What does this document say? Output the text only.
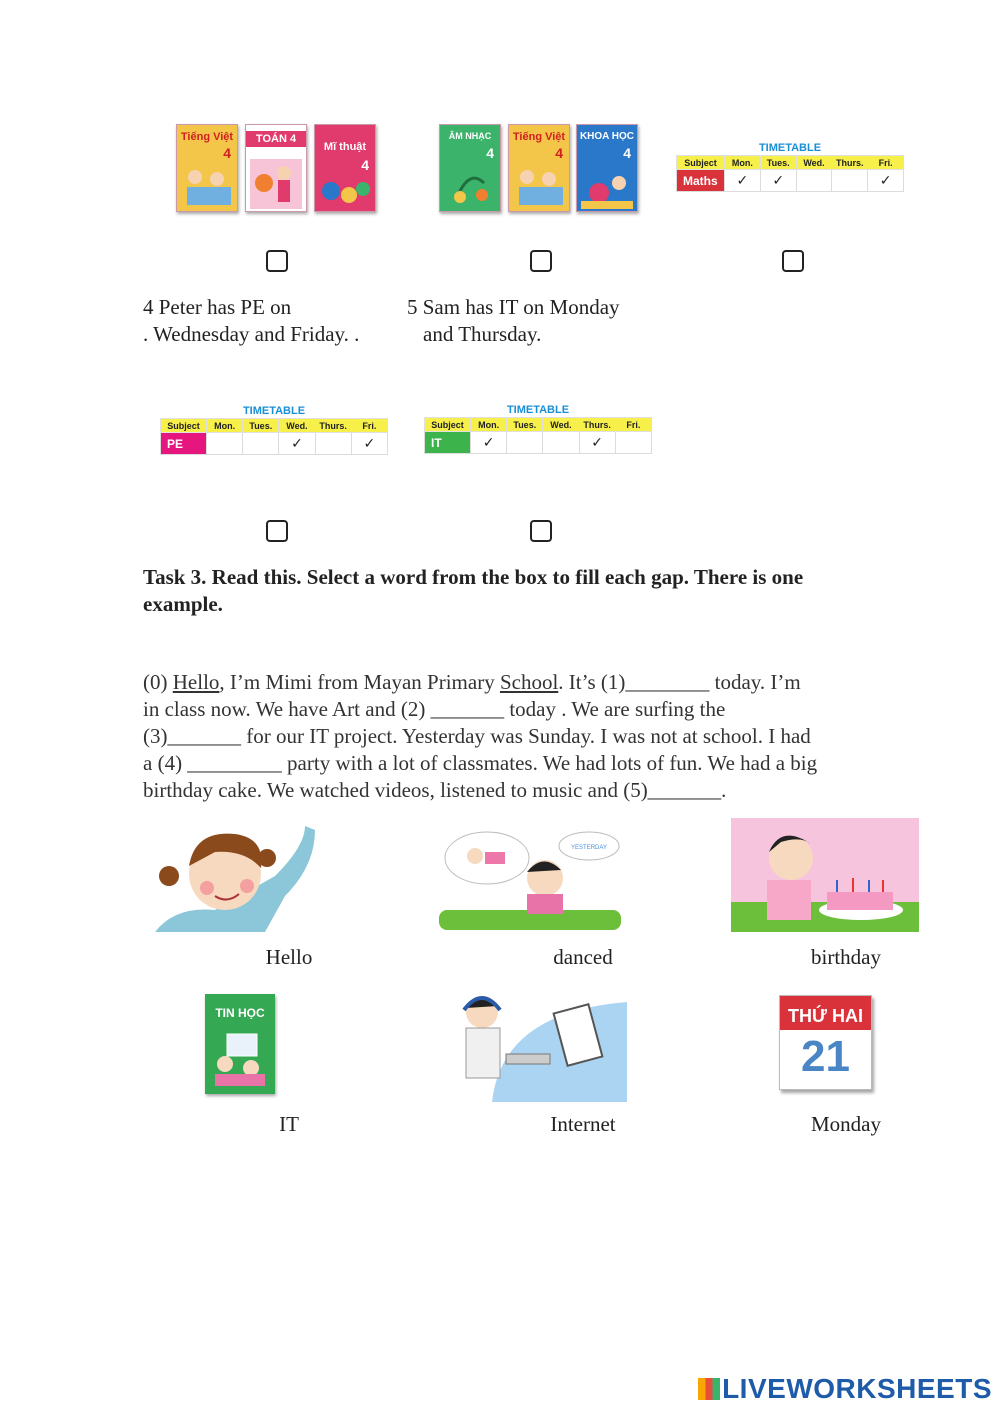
Tiếng Việt
4
TOÁN 4
Mĩ thuật
4
ÂM NHẠC
4
Tiếng Việt
4
KHOA HỌC
4	TIMETABLE
Subject	Mon.	Tues.	Wed.	Thurs.	Fri.
Maths	✓	✓			✓
4 Peter has PE on
. Wednesday and Friday. .
5 Sam has IT on Monday
and Thursday.
TIMETABLE
Subject	Mon.	Tues.	Wed.	Thurs.	Fri.
PE			✓		✓
TIMETABLE
Subject	Mon.	Tues.	Wed.	Thurs.	Fri.
IT	✓			✓	
Task 3. Read this. Select a word from the box to fill each gap. There is one
example.
(0) Hello, I’m Mimi from Mayan Primary School. It’s (1)________ today. I’m
in class now. We have Art and (2) _______ today . We are surfing the
(3)_______ for our IT project. Yesterday was Sunday. I was not at school. I had
a (4) _________ party with a lot of classmates. We had lots of fun. We had a big
birthday cake. We watched videos, listened to music and (5)_______.
YESTERDAY
Hello	danced	birthday
TIN HỌC	THỨ HAI
21
IT	Internet	Monday
LIVEWORKSHEETS
